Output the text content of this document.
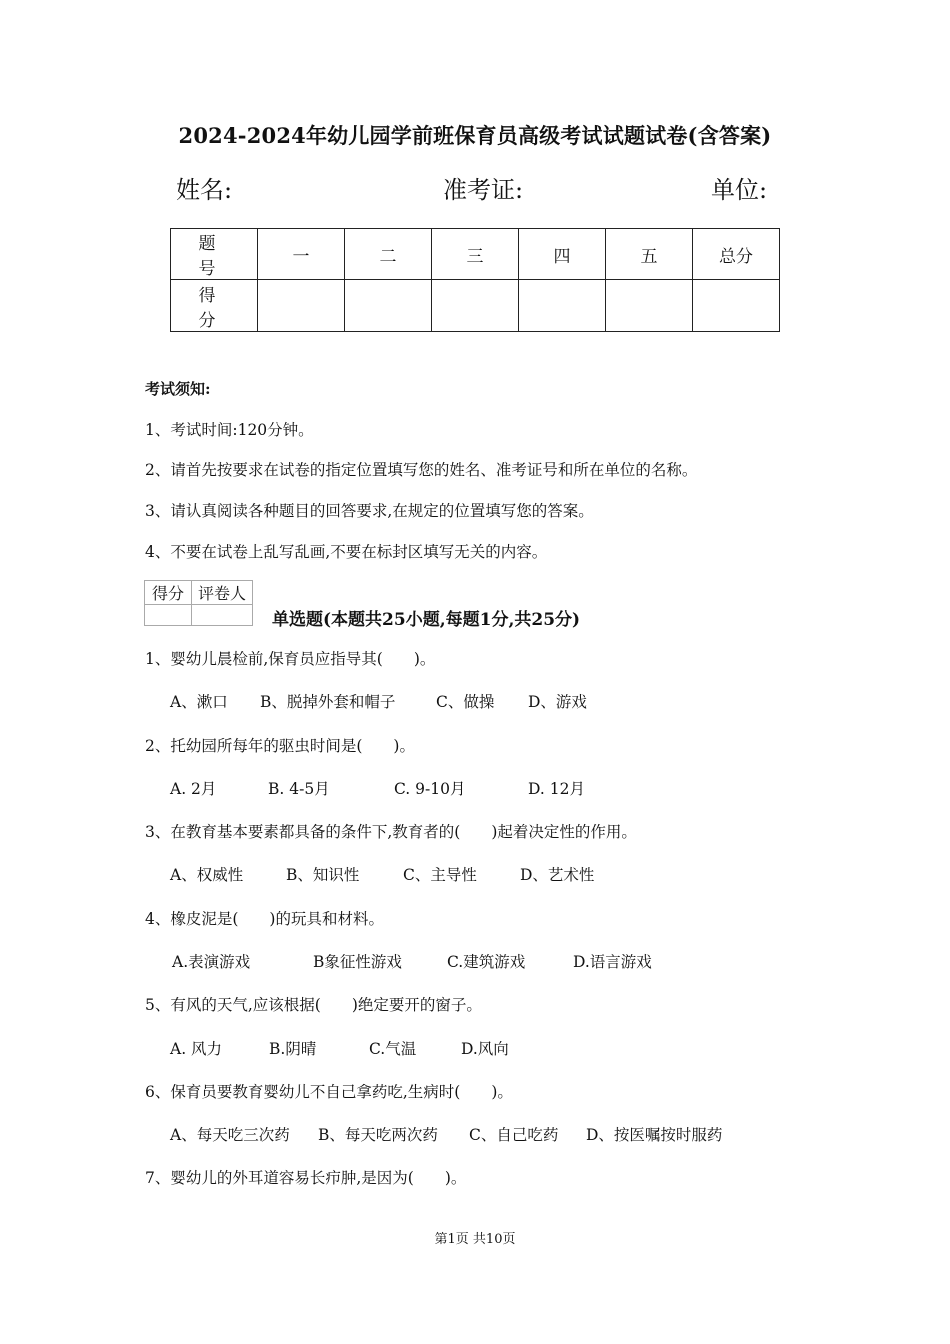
2024-2024年幼儿园学前班保育员高级考试试题试卷(含答案)
姓名:	准考证:	单位:
题　号	一	二	三	四	五	总分
得　分						
考试须知:
1、考试时间:120分钟。
2、请首先按要求在试卷的指定位置填写您的姓名、准考证号和所在单位的名称。
3、请认真阅读各种题目的回答要求,在规定的位置填写您的答案。
4、不要在试卷上乱写乱画,不要在标封区填写无关的内容。
得分	评卷人

单选题(本题共25小题,每题1分,共25分)
1、婴幼儿晨检前,保育员应指导其(　　)。
A、漱口 B、脱掉外套和帽子	C、做操 D、游戏
2、托幼园所每年的驱虫时间是(　　)。
A. 2月	B. 4-5月	C. 9-10月	D. 12月
3、在教育基本要素都具备的条件下,教育者的(　　)起着决定性的作用。
A、权威性	B、知识性	C、主导性	D、艺术性
4、橡皮泥是(　　)的玩具和材料。
A.表演游戏	B象征性游戏	C.建筑游戏	D.语言游戏
5、有风的天气,应该根据(　　)绝定要开的窗子。
A. 风力	B.阴晴	C.气温	D.风向
6、保育员要教育婴幼儿不自己拿药吃,生病时(　　)。
A、每天吃三次药 B、每天吃两次药 C、自己吃药 D、按医嘱按时服药
7、婴幼儿的外耳道容易长疖肿,是因为(　　)。
第1页 共10页
